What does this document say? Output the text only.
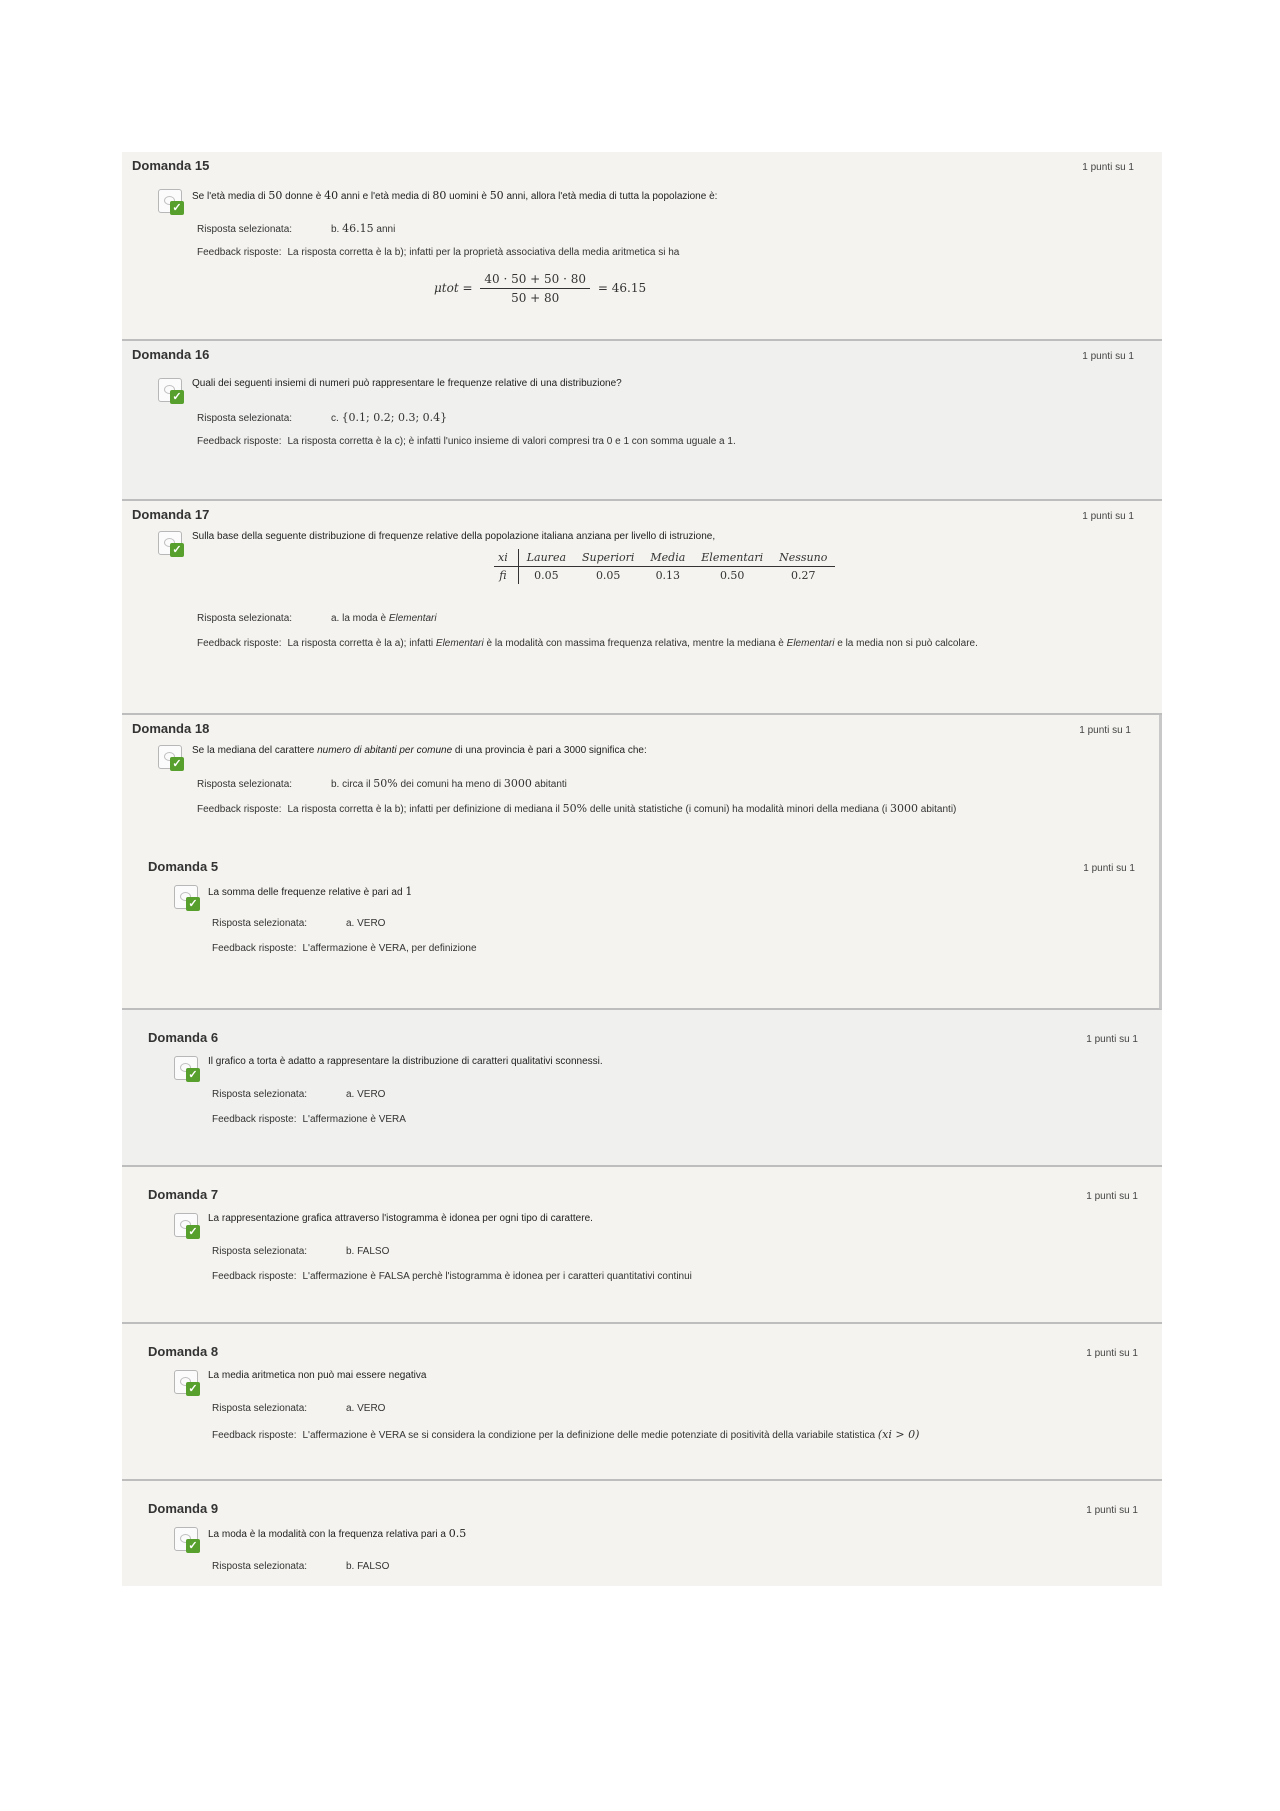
Domanda 15	1 punti su 1
✓
Se l'età media di 50 donne è 40 anni e l'età media di 80 uomini è 50 anni, allora l'età media di tutta la popolazione è:
Risposta selezionata:	b. 46.15 anni
Feedback risposte: La risposta corretta è la b); infatti per la proprietà associativa della media aritmetica si ha
$\mu tot = \frac{40 \cdot 50 + 50 \cdot 80}{50 + 80} = 46.15$
Domanda 16	1 punti su 1
✓
Quali dei seguenti insiemi di numeri può rappresentare le frequenze relative di una distribuzione?
Risposta selezionata:	c. {0.1; 0.2; 0.3; 0.4}
Feedback risposte: La risposta corretta è la c); è infatti l'unico insieme di valori compresi tra 0 e 1 con somma uguale a 1.
Domanda 17	1 punti su 1
✓
Sulla base della seguente distribuzione di frequenze relative della popolazione italiana anziana per livello di istruzione,
xi	Laurea	Superiori	Media	Elementari	Nessuno
fi	0.05	0.05	0.13	0.50	0.27
Risposta selezionata:	a. la moda è Elementari
Feedback risposte: La risposta corretta è la a); infatti Elementari è la modalità con massima frequenza relativa, mentre la mediana è Elementari e la media non si può calcolare.
Domanda 18	1 punti su 1
✓
Se la mediana del carattere numero di abitanti per comune di una provincia è pari a 3000 significa che:
Risposta selezionata:	b. circa il 50% dei comuni ha meno di 3000 abitanti
Feedback risposte: La risposta corretta è la b); infatti per definizione di mediana il 50% delle unità statistiche (i comuni) ha modalità minori della mediana (i 3000 abitanti)
Domanda 5	1 punti su 1
✓
La somma delle frequenze relative è pari ad 1
Risposta selezionata:	a. VERO
Feedback risposte: L'affermazione è VERA, per definizione
Domanda 6	1 punti su 1
✓
Il grafico a torta è adatto a rappresentare la distribuzione di caratteri qualitativi sconnessi.
Risposta selezionata:	a. VERO
Feedback risposte: L'affermazione è VERA
Domanda 7	1 punti su 1
✓
La rappresentazione grafica attraverso l'istogramma è idonea per ogni tipo di carattere.
Risposta selezionata:	b. FALSO
Feedback risposte: L'affermazione è FALSA perchè l'istogramma è idonea per i caratteri quantitativi continui
Domanda 8	1 punti su 1
✓
La media aritmetica non può mai essere negativa
Risposta selezionata:	a. VERO
Feedback risposte: L'affermazione è VERA se si considera la condizione per la definizione delle medie potenziate di positività della variabile statistica (xi > 0)
Domanda 9	1 punti su 1
✓
La moda è la modalità con la frequenza relativa pari a 0.5
Risposta selezionata:	b. FALSO
